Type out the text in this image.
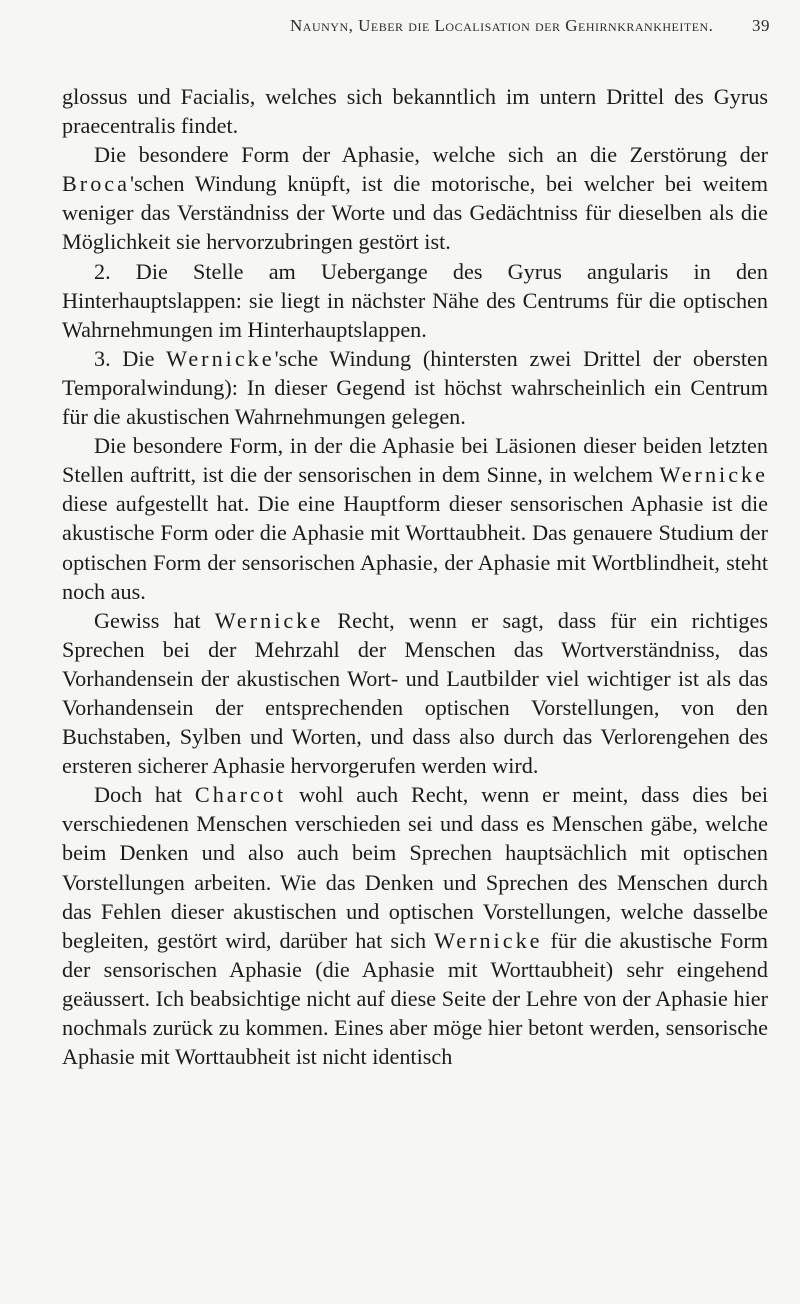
Naunyn, Ueber die Localisation der Gehirnkrankheiten. 39

glossus und Facialis, welches sich bekanntlich im untern Drittel des Gyrus praecentralis findet.

Die besondere Form der Aphasie, welche sich an die Zerstörung der Broca'schen Windung knüpft, ist die motorische, bei welcher bei weitem weniger das Verständniss der Worte und das Gedächtniss für dieselben als die Möglichkeit sie hervorzubringen gestört ist.

2. Die Stelle am Uebergange des Gyrus angularis in den Hinterhauptslappen: sie liegt in nächster Nähe des Centrums für die optischen Wahrnehmungen im Hinterhauptslappen.

3. Die Wernicke'sche Windung (hintersten zwei Drittel der obersten Temporalwindung): In dieser Gegend ist höchst wahrscheinlich ein Centrum für die akustischen Wahrnehmungen gelegen.

Die besondere Form, in der die Aphasie bei Läsionen dieser beiden letzten Stellen auftritt, ist die der sensorischen in dem Sinne, in welchem Wernicke diese aufgestellt hat. Die eine Hauptform dieser sensorischen Aphasie ist die akustische Form oder die Aphasie mit Worttaubheit. Das genauere Studium der optischen Form der sensorischen Aphasie, der Aphasie mit Wortblindheit, steht noch aus.

Gewiss hat Wernicke Recht, wenn er sagt, dass für ein richtiges Sprechen bei der Mehrzahl der Menschen das Wortverständniss, das Vorhandensein der akustischen Wort- und Lautbilder viel wichtiger ist als das Vorhandensein der entsprechenden optischen Vorstellungen, von den Buchstaben, Sylben und Worten, und dass also durch das Verlorengehen des ersteren sicherer Aphasie hervorgerufen werden wird.

Doch hat Charcot wohl auch Recht, wenn er meint, dass dies bei verschiedenen Menschen verschieden sei und dass es Menschen gäbe, welche beim Denken und also auch beim Sprechen hauptsächlich mit optischen Vorstellungen arbeiten. Wie das Denken und Sprechen des Menschen durch das Fehlen dieser akustischen und optischen Vorstellungen, welche dasselbe begleiten, gestört wird, darüber hat sich Wernicke für die akustische Form der sensorischen Aphasie (die Aphasie mit Worttaubheit) sehr eingehend geäussert. Ich beabsichtige nicht auf diese Seite der Lehre von der Aphasie hier nochmals zurück zu kommen. Eines aber möge hier betont werden, sensorische Aphasie mit Worttaubheit ist nicht identisch
